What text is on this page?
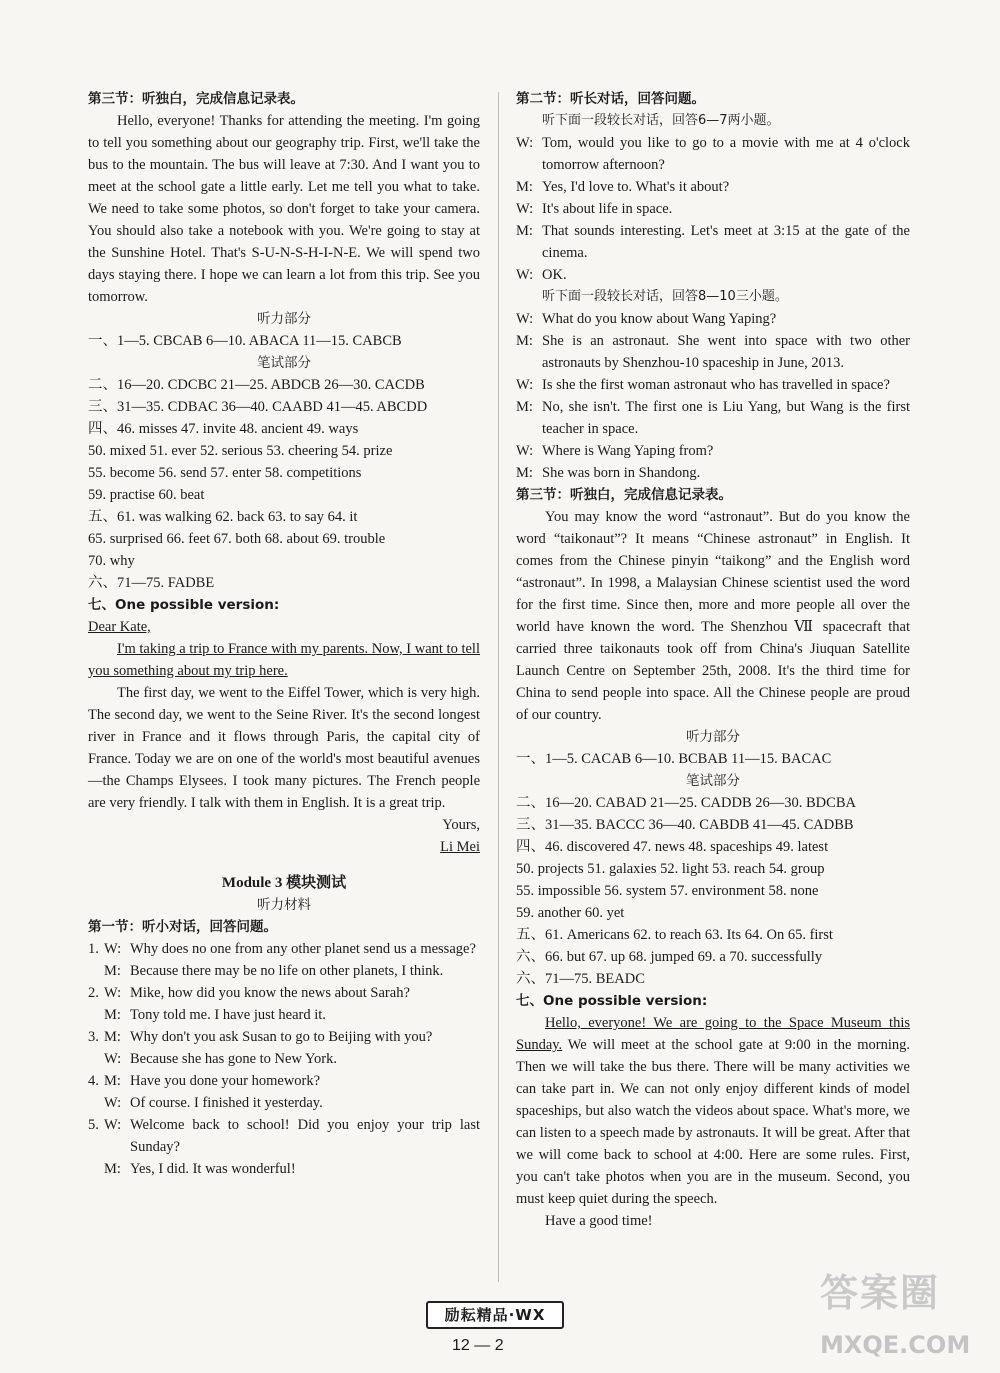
第三节：听独白，完成信息记录表。

Hello, everyone! Thanks for attending the meeting. I'm going to tell you something about our geography trip. First, we'll take the bus to the mountain. The bus will leave at 7:30. And I want you to meet at the school gate a little early. Let me tell you what to take. We need to take some photos, so don't forget to take your camera. You should also take a notebook with you. We're going to stay at the Sunshine Hotel. That's S-U-N-S-H-I-N-E. We will spend two days staying there. I hope we can learn a lot from this trip. See you tomorrow.

听力部分

一、1—5. CBCAB 6—10. ABACA 11—15. CABCB

笔试部分

二、16—20. CDCBC 21—25. ABDCB 26—30. CACDB

三、31—35. CDBAC 36—40. CAABD 41—45. ABCDD

四、46. misses 47. invite 48. ancient 49. ways

50. mixed 51. ever 52. serious 53. cheering 54. prize

55. become 56. send 57. enter 58. competitions

59. practise 60. beat

五、61. was walking 62. back 63. to say 64. it

65. surprised 66. feet 67. both 68. about 69. trouble

70. why

六、71—75. FADBE

七、One possible version:

Dear Kate,

I'm taking a trip to France with my parents. Now, I want to tell you something about my trip here.

The first day, we went to the Eiffel Tower, which is very high. The second day, we went to the Seine River. It's the second longest river in France and it flows through Paris, the capital city of France. Today we are on one of the world's most beautiful avenues—the Champs Elysees. I took many pictures. The French people are very friendly. I talk with them in English. It is a great trip.

Yours,

Li Mei

Module 3 模块测试

听力材料

第一节：听小对话，回答问题。

1. W: Why does no one from any other planet send us a message?
M: Because there may be no life on other planets, I think.
2. W: Mike, how did you know the news about Sarah?
M: Tony told me. I have just heard it.
3. M: Why don't you ask Susan to go to Beijing with you?
W: Because she has gone to New York.
4. M: Have you done your homework?
W: Of course. I finished it yesterday.
5. W: Welcome back to school! Did you enjoy your trip last Sunday?
M: Yes, I did. It was wonderful!

第二节：听长对话，回答问题。

听下面一段较长对话，回答6—7两小题。

W: Tom, would you like to go to a movie with me at 4 o'clock tomorrow afternoon?
M: Yes, I'd love to. What's it about?
W: It's about life in space.
M: That sounds interesting. Let's meet at 3:15 at the gate of the cinema.
W: OK.

听下面一段较长对话，回答8—10三小题。

W: What do you know about Wang Yaping?
M: She is an astronaut. She went into space with two other astronauts by Shenzhou-10 spaceship in June, 2013.
W: Is she the first woman astronaut who has travelled in space?
M: No, she isn't. The first one is Liu Yang, but Wang is the first teacher in space.
W: Where is Wang Yaping from?
M: She was born in Shandong.

第三节：听独白，完成信息记录表。

You may know the word “astronaut”. But do you know the word “taikonaut”? It means “Chinese astronaut” in English. It comes from the Chinese pinyin “taikong” and the English word “astronaut”. In 1998, a Malaysian Chinese scientist used the word for the first time. Since then, more and more people all over the world have known the word. The Shenzhou Ⅶ spacecraft that carried three taikonauts took off from China's Jiuquan Satellite Launch Centre on September 25th, 2008. It's the third time for China to send people into space. All the Chinese people are proud of our country.

听力部分

一、1—5. CACAB 6—10. BCBAB 11—15. BACAC

笔试部分

二、16—20. CABAD 21—25. CADDB 26—30. BDCBA

三、31—35. BACCC 36—40. CABDB 41—45. CADBB

四、46. discovered 47. news 48. spaceships 49. latest

50. projects 51. galaxies 52. light 53. reach 54. group

55. impossible 56. system 57. environment 58. none

59. another 60. yet

五、61. Americans 62. to reach 63. Its 64. On 65. first

六、66. but 67. up 68. jumped 69. a 70. successfully

六、71—75. BEADC

七、One possible version:

Hello, everyone! We are going to the Space Museum this Sunday. We will meet at the school gate at 9:00 in the morning. Then we will take the bus there. There will be many activities we can take part in. We can not only enjoy different kinds of model spaceships, but also watch the videos about space. What's more, we can listen to a speech made by astronauts. It will be great. After that we will come back to school at 4:00. Here are some rules. First, you can't take photos when you are in the museum. Second, you must keep quiet during the speech.

Have a good time!

励耘精品·WX
12 — 2
答案圈
MXQE.COM
